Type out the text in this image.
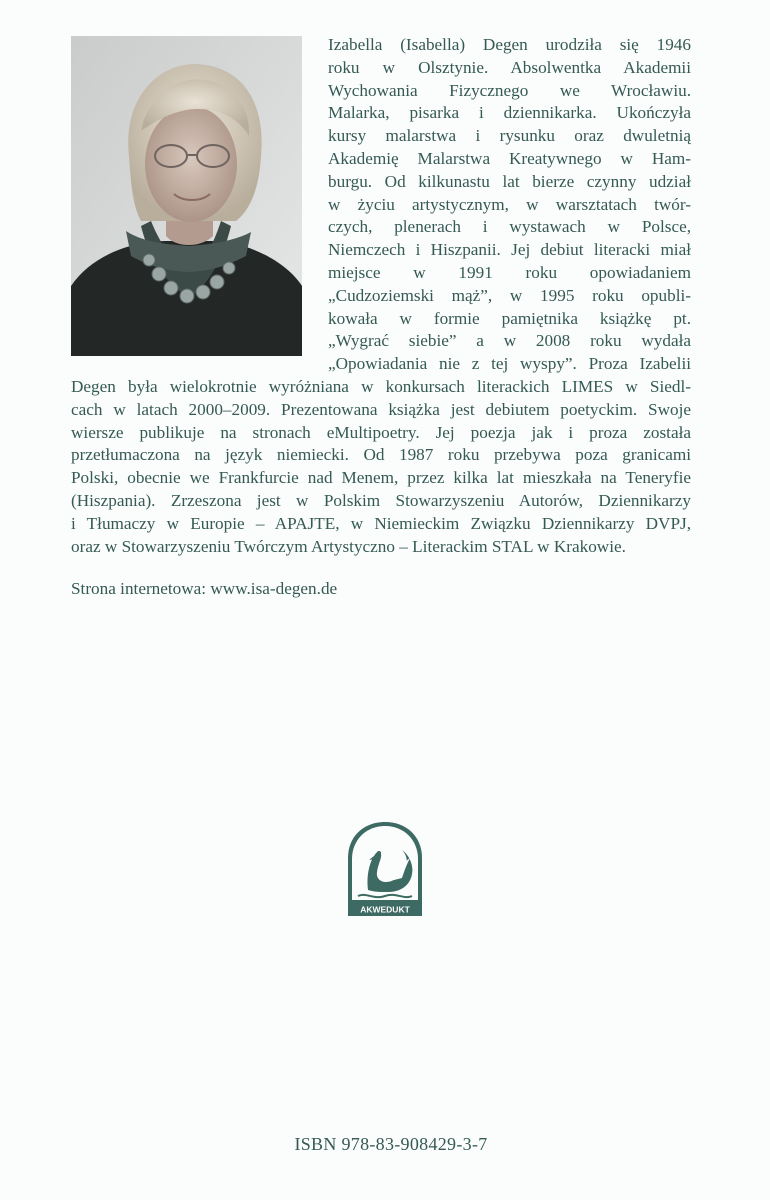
Izabella (Isabella) Degen urodziła się 1946
roku w Olsztynie. Absolwentka Akademii
Wychowania Fizycznego we Wrocławiu.
Malarka, pisarka i dziennikarka. Ukończyła
kursy malarstwa i rysunku oraz dwuletnią
Akademię Malarstwa Kreatywnego w Ham-
burgu. Od kilkunastu lat bierze czynny udział
w życiu artystycznym, w warsztatach twór-
czych, plenerach i wystawach w Polsce,
Niemczech i Hiszpanii. Jej debiut literacki miał
miejsce w 1991 roku opowiadaniem
„Cudzoziemski mąż”, w 1995 roku opubli-
kowała w formie pamiętnika książkę pt.
„Wygrać siebie” a w 2008 roku wydała
„Opowiadania nie z tej wyspy”. Proza Izabelii
Degen była wielokrotnie wyróżniana w konkursach literackich LIMES w Siedl-
cach w latach 2000–2009. Prezentowana książka jest debiutem poetyckim. Swoje
wiersze publikuje na stronach eMultipoetry. Jej poezja jak i proza została
przetłumaczona na język niemiecki. Od 1987 roku przebywa poza granicami
Polski, obecnie we Frankfurcie nad Menem, przez kilka lat mieszkała na Teneryfie
(Hiszpania). Zrzeszona jest w Polskim Stowarzyszeniu Autorów, Dziennikarzy
i Tłumaczy w Europie – APAJTE, w Niemieckim Związku Dziennikarzy DVPJ,
oraz w Stowarzyszeniu Twórczym Artystyczno – Literackim STAL w Krakowie.
Strona internetowa: www.isa-degen.de
AKWEDUKT
ISBN 978-83-908429-3-7
